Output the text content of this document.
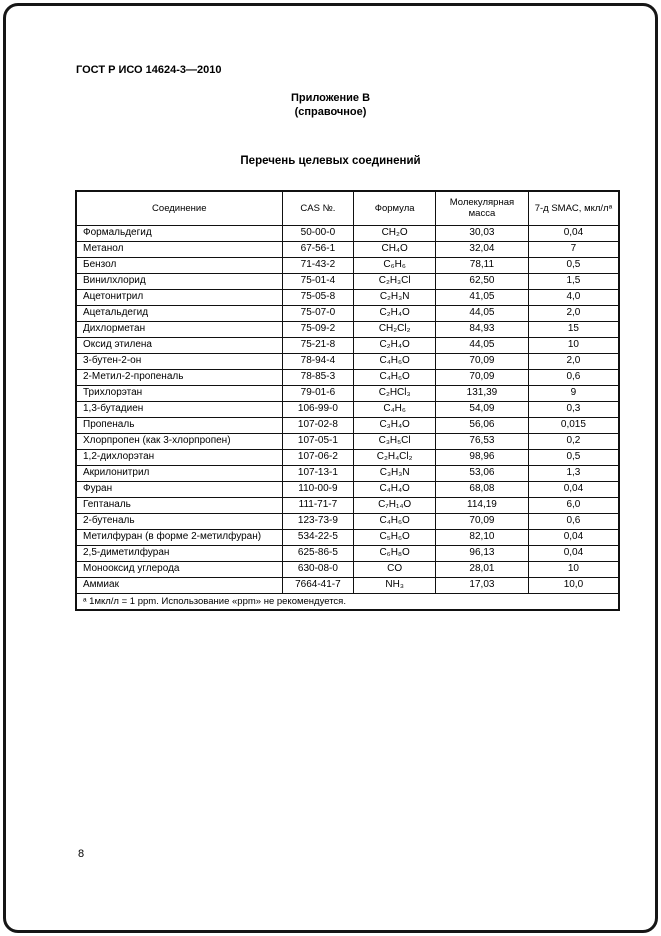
ГОСТ Р ИСО 14624-3—2010
Приложение В
(справочное)
Перечень целевых соединений
Соединение	CAS №.	Формула	Молекулярная масса	7-д SMAC, мкл/лᵃ
Формальдегид	50-00-0	CH₂O	30,03	0,04
Метанол	67-56-1	CH₄O	32,04	7
Бензол	71-43-2	C₆H₆	78,11	0,5
Винилхлорид	75-01-4	C₂H₃Cl	62,50	1,5
Ацетонитрил	75-05-8	C₂H₃N	41,05	4,0
Ацетальдегид	75-07-0	C₂H₄O	44,05	2,0
Дихлорметан	75-09-2	CH₂Cl₂	84,93	15
Оксид этилена	75-21-8	C₂H₄O	44,05	10
3-бутен-2-он	78-94-4	C₄H₆O	70,09	2,0
2-Метил-2-пропеналь	78-85-3	C₄H₆O	70,09	0,6
Трихлорэтан	79-01-6	C₂HCl₃	131,39	9
1,3-бутадиен	106-99-0	C₄H₆	54,09	0,3
Пропеналь	107-02-8	C₃H₄O	56,06	0,015
Хлорпропен (как 3-хлорпропен)	107-05-1	C₃H₅Cl	76,53	0,2
1,2-дихлорэтан	107-06-2	C₂H₄Cl₂	98,96	0,5
Акрилонитрил	107-13-1	C₃H₃N	53,06	1,3
Фуран	110-00-9	C₄H₄O	68,08	0,04
Гептаналь	111-71-7	C₇H₁₄O	114,19	6,0
2-бутеналь	123-73-9	C₄H₆O	70,09	0,6
Метилфуран (в форме 2-метилфуран)	534-22-5	C₅H₆O	82,10	0,04
2,5-диметилфуран	625-86-5	C₆H₈O	96,13	0,04
Монооксид углерода	630-08-0	CO	28,01	10
Аммиак	7664-41-7	NH₃	17,03	10,0
ᵃ 1мкл/л = 1 ppm. Использование «ppm» не рекомендуется.				
8
